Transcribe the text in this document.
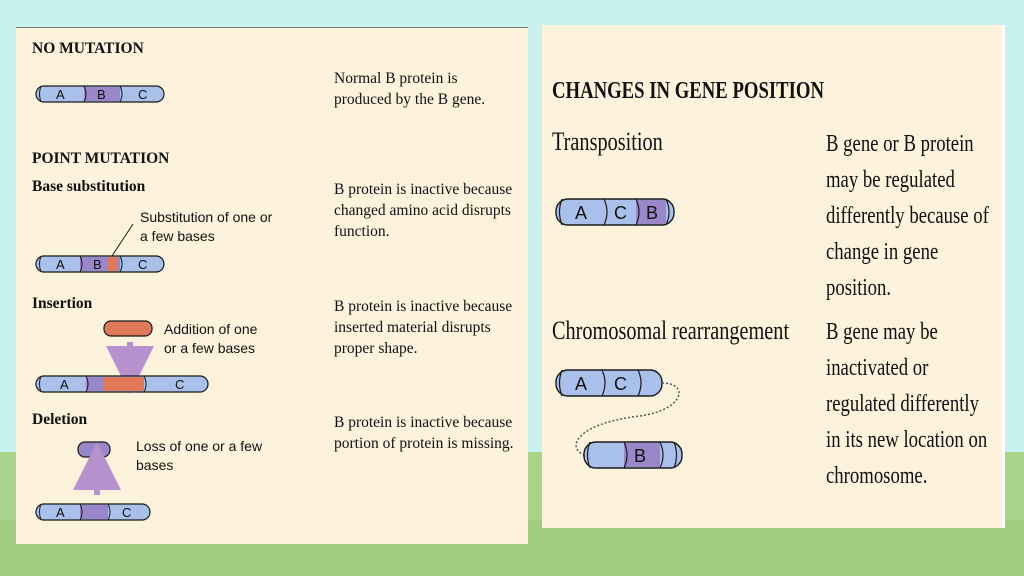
NO MUTATION
Normal B protein is produced by the B gene.
POINT MUTATION
Base substitution
Substitution of one or a few bases
B protein is inactive because changed amino acid disrupts function.
Insertion
Addition of one or a few bases
B protein is inactive because inserted material disrupts proper shape.
Deletion
Loss of one or a few bases
B protein is inactive because portion of protein is missing.
CHANGES IN GENE POSITION
Transposition	B gene or B protein may be regulated differently because of change in gene position.
Chromosomal rearrangement	B gene may be inactivated or regulated differently in its new location on chromosome.
A B C
A B	C
A	C
A	C
A C B
A C
B
